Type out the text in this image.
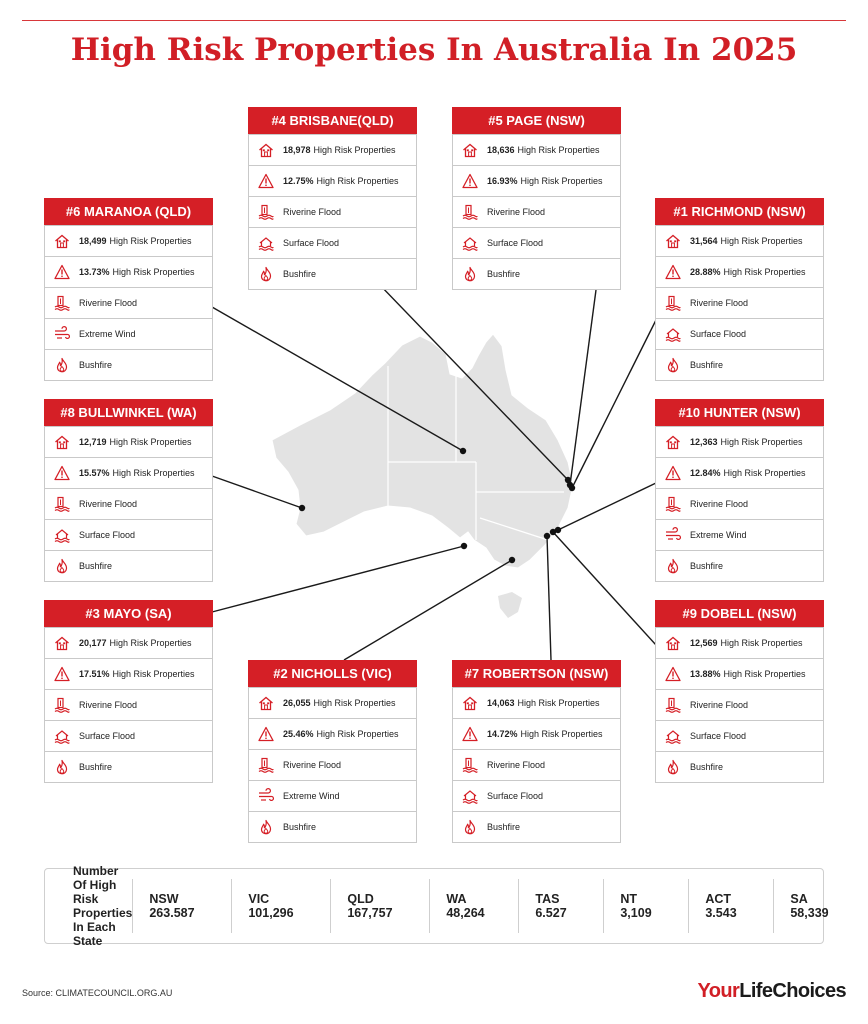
High Risk Properties In Australia In 2025
#1 RICHMOND (NSW)
31,564 High Risk Properties
28.88% High Risk Properties
Riverine Flood
Surface Flood
Bushfire
#2 NICHOLLS (VIC)
26,055 High Risk Properties
25.46% High Risk Properties
Riverine Flood
Extreme Wind
Bushfire
#3 MAYO (SA)
20,177 High Risk Properties
17.51% High Risk Properties
Riverine Flood
Surface Flood
Bushfire
#4 BRISBANE(QLD)
18,978 High Risk Properties
12.75% High Risk Properties
Riverine Flood
Surface Flood
Bushfire
#5 PAGE (NSW)
18,636 High Risk Properties
16.93% High Risk Properties
Riverine Flood
Surface Flood
Bushfire
#6 MARANOA (QLD)
18,499 High Risk Properties
13.73% High Risk Properties
Riverine Flood
Extreme Wind
Bushfire
#7 ROBERTSON (NSW)
14,063 High Risk Properties
14.72% High Risk Properties
Riverine Flood
Surface Flood
Bushfire
#8 BULLWINKEL (WA)
12,719 High Risk Properties
15.57% High Risk Properties
Riverine Flood
Surface Flood
Bushfire
#9 DOBELL (NSW)
12,569 High Risk Properties
13.88% High Risk Properties
Riverine Flood
Surface Flood
Bushfire
#10 HUNTER (NSW)
12,363 High Risk Properties
12.84% High Risk Properties
Riverine Flood
Extreme Wind
Bushfire
Number Of High Risk Properties In Each State
NSW
263.587
VIC
101,296
QLD
167,757
WA
48,264
TAS
6.527
NT
3,109
ACT
3.543
SA
58,339
Source: CLIMATECOUNCIL.ORG.AU	YourLifeChoices
